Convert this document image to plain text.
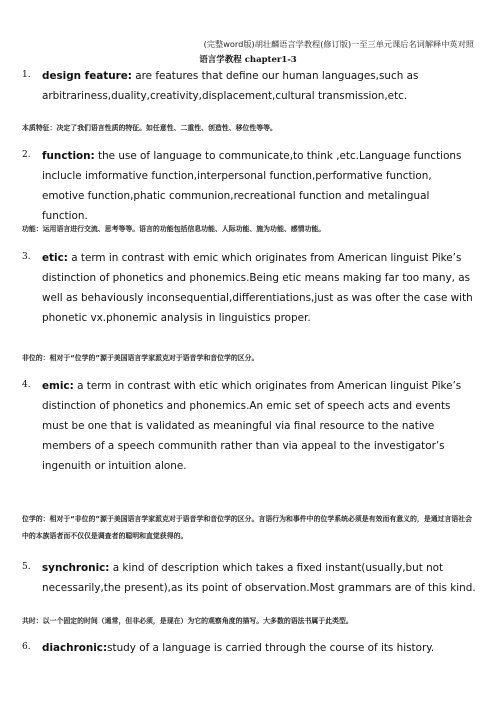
(完整word版)胡壮麟语言学教程(修订版)一至三单元课后名词解释中英对照
语言学教程 chapter1-3
1. design feature: are features that define our human languages,such as arbitrariness,duality,creativity,displacement,cultural transmission,etc.
本质特征：决定了我们语言性质的特征。如任意性、二重性、创造性、移位性等等。
2. function: the use of language to communicate,to think ,etc.Language functions inclucle imformative function,interpersonal function,performative function, emotive function,phatic communion,recreational function and metalingual function.
功能：运用语言进行交流、思考等等。语言的功能包括信息功能、人际功能、施为功能、感情功能。
3. etic: a term in contrast with emic which originates from American linguist Pike’s distinction of phonetics and phonemics.Being etic means making far too many, as well as behaviously inconsequential,differentiations,just as was ofter the case with phonetic vx.phonemic analysis in linguistics proper.
非位的：相对于“位学的”源于美国语言学家派克对于语音学和音位学的区分。
4. emic: a term in contrast with etic which originates from American linguist Pike’s distinction of phonetics and phonemics.An emic set of speech acts and events must be one that is validated as meaningful via final resource to the native members of a speech communith rather than via appeal to the investigator’s ingenuith or intuition alone.
位学的：相对于“非位的”源于美国语言学家派克对于语音学和音位学的区分。言语行为和事件中的位学系统必须是有效而有意义的，是通过言语社会中的本族语者而不仅仅是调查者的聪明和直觉获得的。
5. synchronic: a kind of description which takes a fixed instant(usually,but not necessarily,the present),as its point of observation.Most grammars are of this kind.
共时：以一个固定的时间（通常，但非必须，是现在）为它的观察角度的描写。大多数的语法书属于此类型。
6. diachronic:study of a language is carried through the course of its history.
